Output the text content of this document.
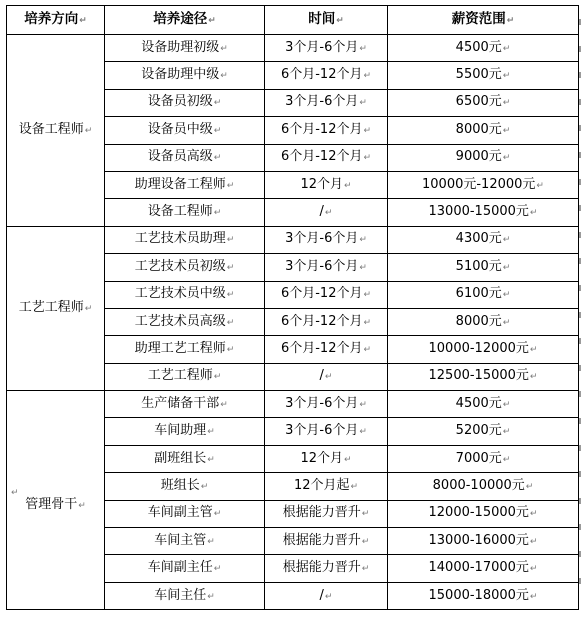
培养方向↵	培养途径↵	时间↵	薪资范围↵
设备工程师↵	设备助理初级↵	3个月-6个月↵	4500元↵
	设备助理中级↵	6个月-12个月↵	5500元↵
	设备员初级↵	3个月-6个月↵	6500元↵
	设备员中级↵	6个月-12个月↵	8000元↵
	设备员高级↵	6个月-12个月↵	9000元↵
	助理设备工程师↵	12个月↵	10000元-12000元↵
	设备工程师↵	/↵	13000-15000元↵
工艺工程师↵	工艺技术员助理↵	3个月-6个月↵	4300元↵
	工艺技术员初级↵	3个月-6个月↵	5100元↵
	工艺技术员中级↵	6个月-12个月↵	6100元↵
	工艺技术员高级↵	6个月-12个月↵	8000元↵
	助理工艺工程师↵	6个月-12个月↵	10000-12000元↵
	工艺工程师↵	/↵	12500-15000元↵

↵
管理骨干↵	生产储备干部↵	3个月-6个月↵	4500元↵
	车间助理↵	3个月-6个月↵	5200元↵
	副班组长↵	12个月↵	7000元↵
	班组长↵	12个月起↵	8000-10000元↵
	车间副主管↵	根据能力晋升↵	12000-15000元↵
	车间主管↵	根据能力晋升↵	13000-16000元↵
	车间副主任↵	根据能力晋升↵	14000-17000元↵
	车间主任↵	/↵	15000-18000元↵
